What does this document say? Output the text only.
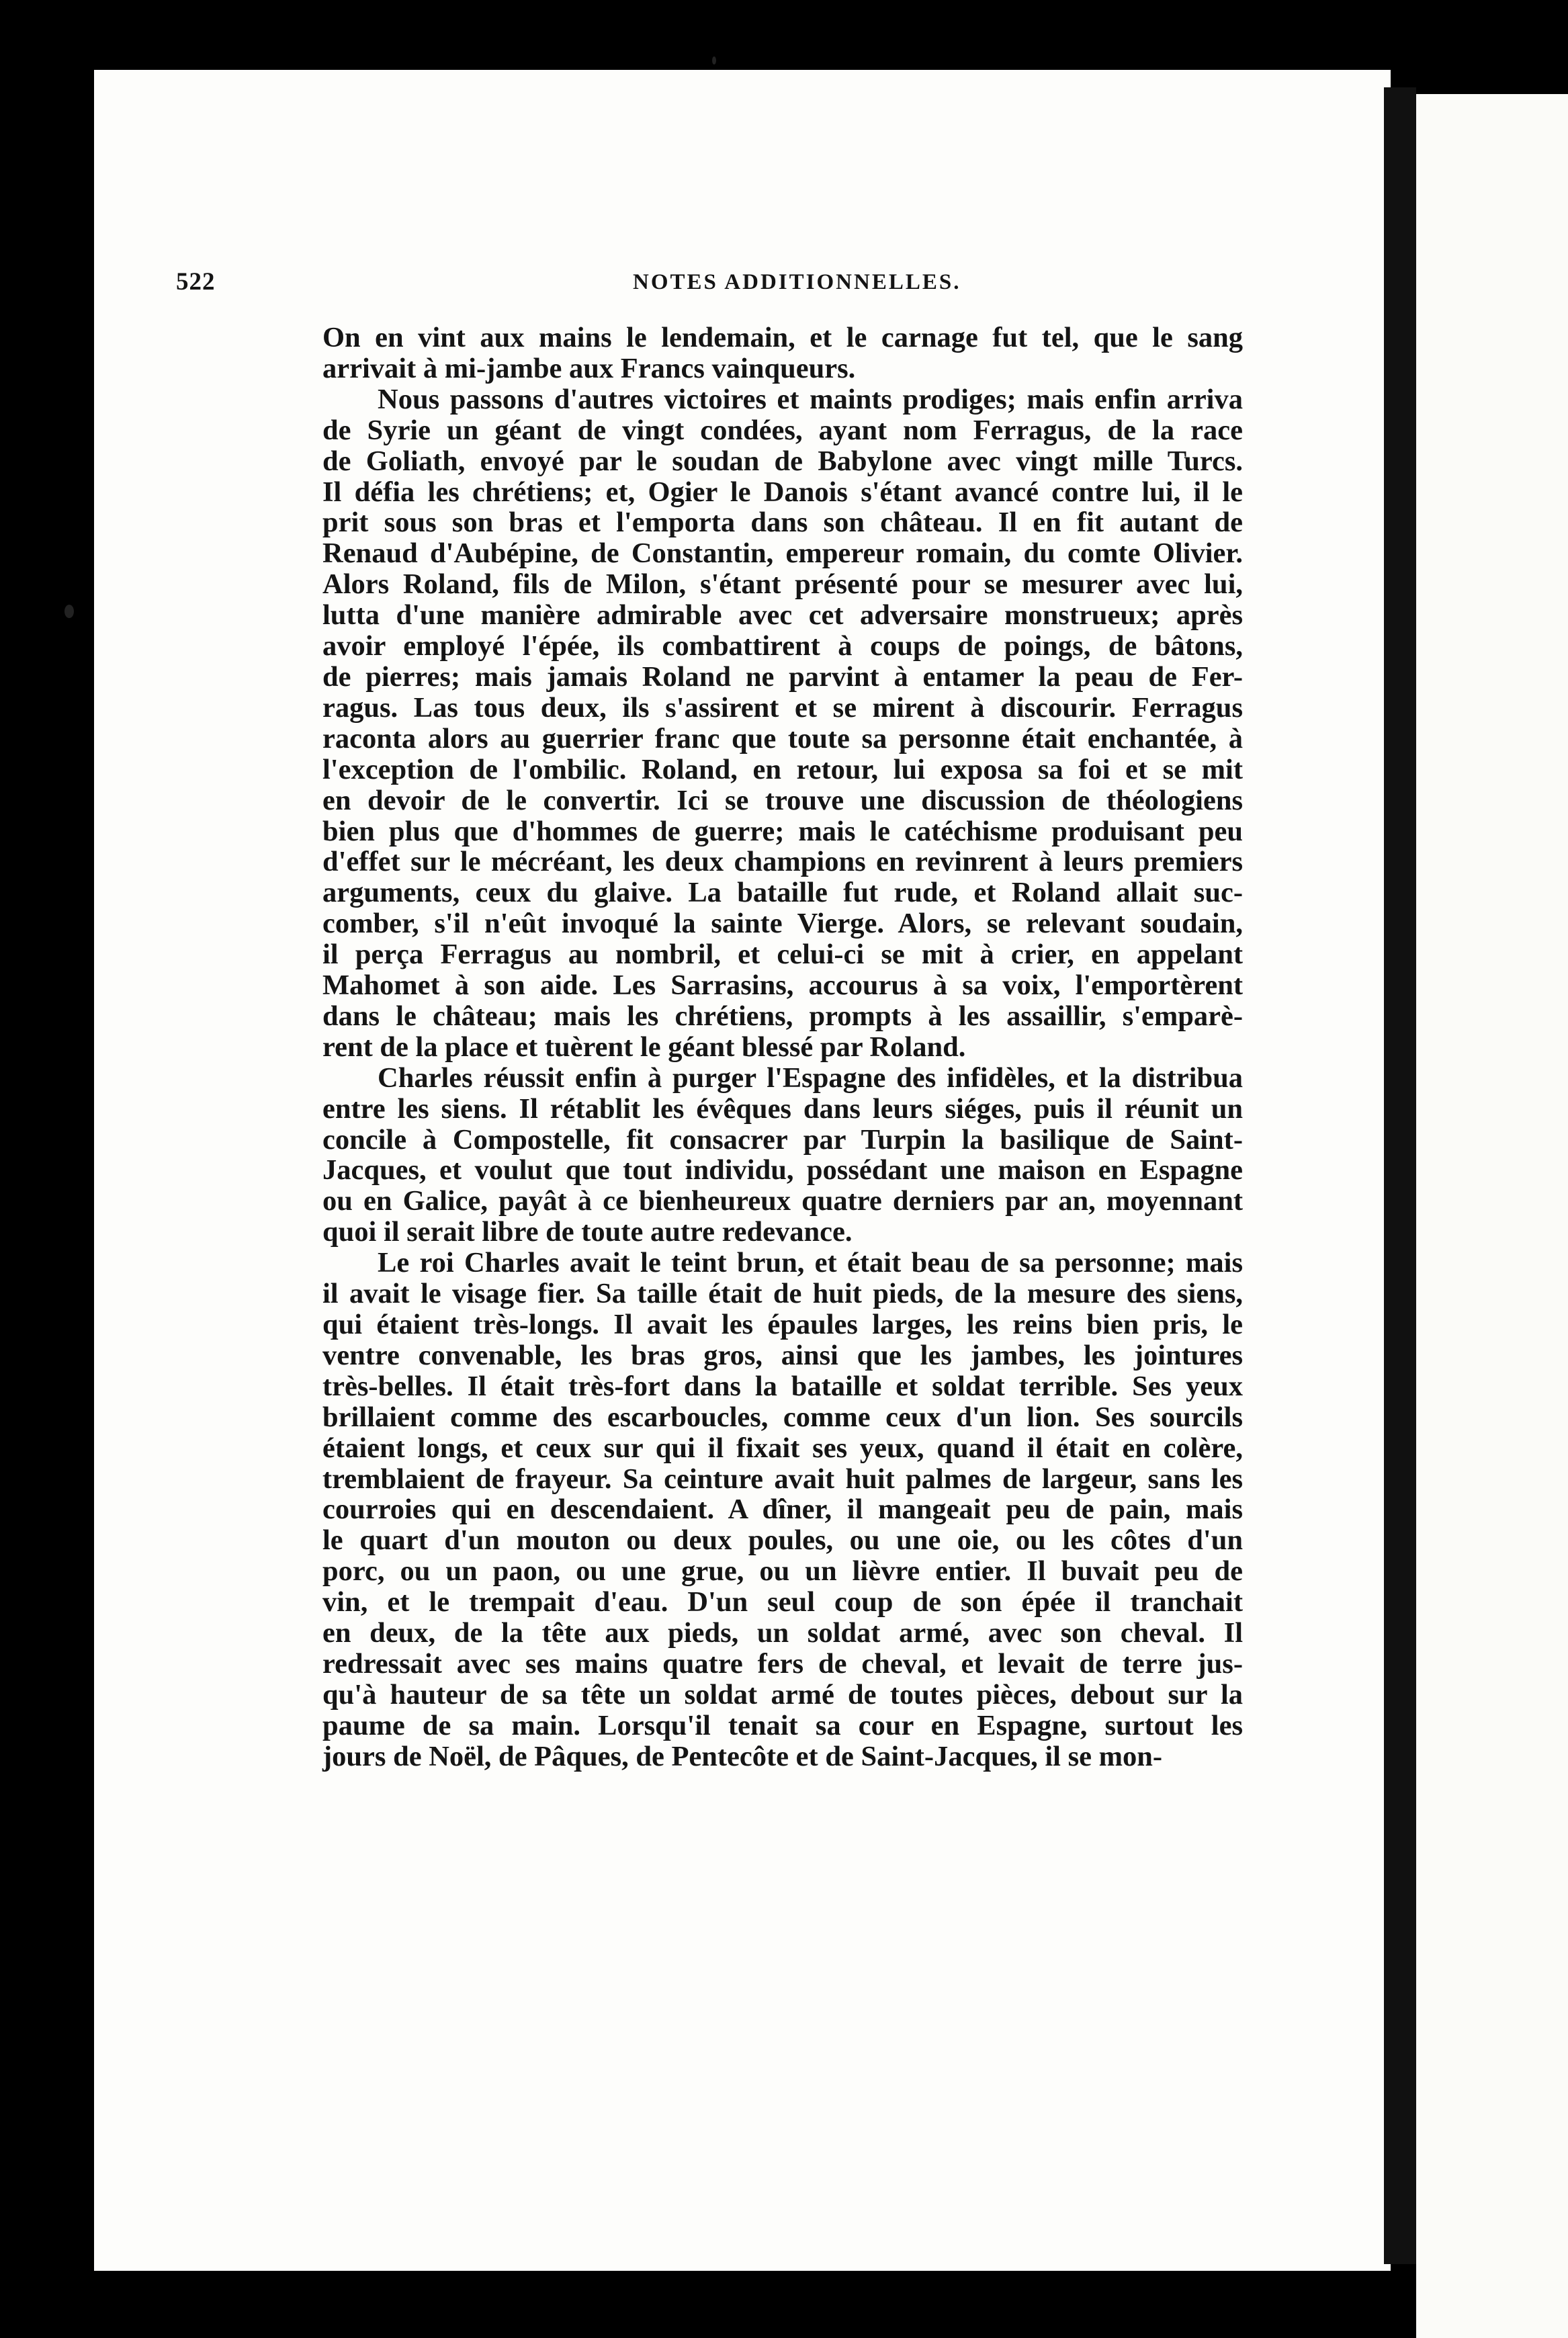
522	NOTES ADDITIONNELLES.

On en vint aux mains le lendemain, et le carnage fut tel, que le sang
arrivait à mi-jambe aux Francs vainqueurs.

Nous passons d'autres victoires et maints prodiges; mais enfin arriva
de Syrie un géant de vingt condées, ayant nom Ferragus, de la race
de Goliath, envoyé par le soudan de Babylone avec vingt mille Turcs.
Il défia les chrétiens; et, Ogier le Danois s'étant avancé contre lui, il le
prit sous son bras et l'emporta dans son château. Il en fit autant de
Renaud d'Aubépine, de Constantin, empereur romain, du comte Olivier.
Alors Roland, fils de Milon, s'étant présenté pour se mesurer avec lui,
lutta d'une manière admirable avec cet adversaire monstrueux; après
avoir employé l'épée, ils combattirent à coups de poings, de bâtons,
de pierres; mais jamais Roland ne parvint à entamer la peau de Fer-
ragus. Las tous deux, ils s'assirent et se mirent à discourir. Ferragus
raconta alors au guerrier franc que toute sa personne était enchantée, à
l'exception de l'ombilic. Roland, en retour, lui exposa sa foi et se mit
en devoir de le convertir. Ici se trouve une discussion de théologiens
bien plus que d'hommes de guerre; mais le catéchisme produisant peu
d'effet sur le mécréant, les deux champions en revinrent à leurs premiers
arguments, ceux du glaive. La bataille fut rude, et Roland allait suc-
comber, s'il n'eût invoqué la sainte Vierge. Alors, se relevant soudain,
il perça Ferragus au nombril, et celui-ci se mit à crier, en appelant
Mahomet à son aide. Les Sarrasins, accourus à sa voix, l'emportèrent
dans le château; mais les chrétiens, prompts à les assaillir, s'emparè-
rent de la place et tuèrent le géant blessé par Roland.

Charles réussit enfin à purger l'Espagne des infidèles, et la distribua
entre les siens. Il rétablit les évêques dans leurs siéges, puis il réunit un
concile à Compostelle, fit consacrer par Turpin la basilique de Saint-
Jacques, et voulut que tout individu, possédant une maison en Espagne
ou en Galice, payât à ce bienheureux quatre derniers par an, moyennant
quoi il serait libre de toute autre redevance.

Le roi Charles avait le teint brun, et était beau de sa personne; mais
il avait le visage fier. Sa taille était de huit pieds, de la mesure des siens,
qui étaient très-longs. Il avait les épaules larges, les reins bien pris, le
ventre convenable, les bras gros, ainsi que les jambes, les jointures
très-belles. Il était très-fort dans la bataille et soldat terrible. Ses yeux
brillaient comme des escarboucles, comme ceux d'un lion. Ses sourcils
étaient longs, et ceux sur qui il fixait ses yeux, quand il était en colère,
tremblaient de frayeur. Sa ceinture avait huit palmes de largeur, sans les
courroies qui en descendaient. A dîner, il mangeait peu de pain, mais
le quart d'un mouton ou deux poules, ou une oie, ou les côtes d'un
porc, ou un paon, ou une grue, ou un lièvre entier. Il buvait peu de
vin, et le trempait d'eau. D'un seul coup de son épée il tranchait
en deux, de la tête aux pieds, un soldat armé, avec son cheval. Il
redressait avec ses mains quatre fers de cheval, et levait de terre jus-
qu'à hauteur de sa tête un soldat armé de toutes pièces, debout sur la
paume de sa main. Lorsqu'il tenait sa cour en Espagne, surtout les
jours de Noël, de Pâques, de Pentecôte et de Saint-Jacques, il se mon-
